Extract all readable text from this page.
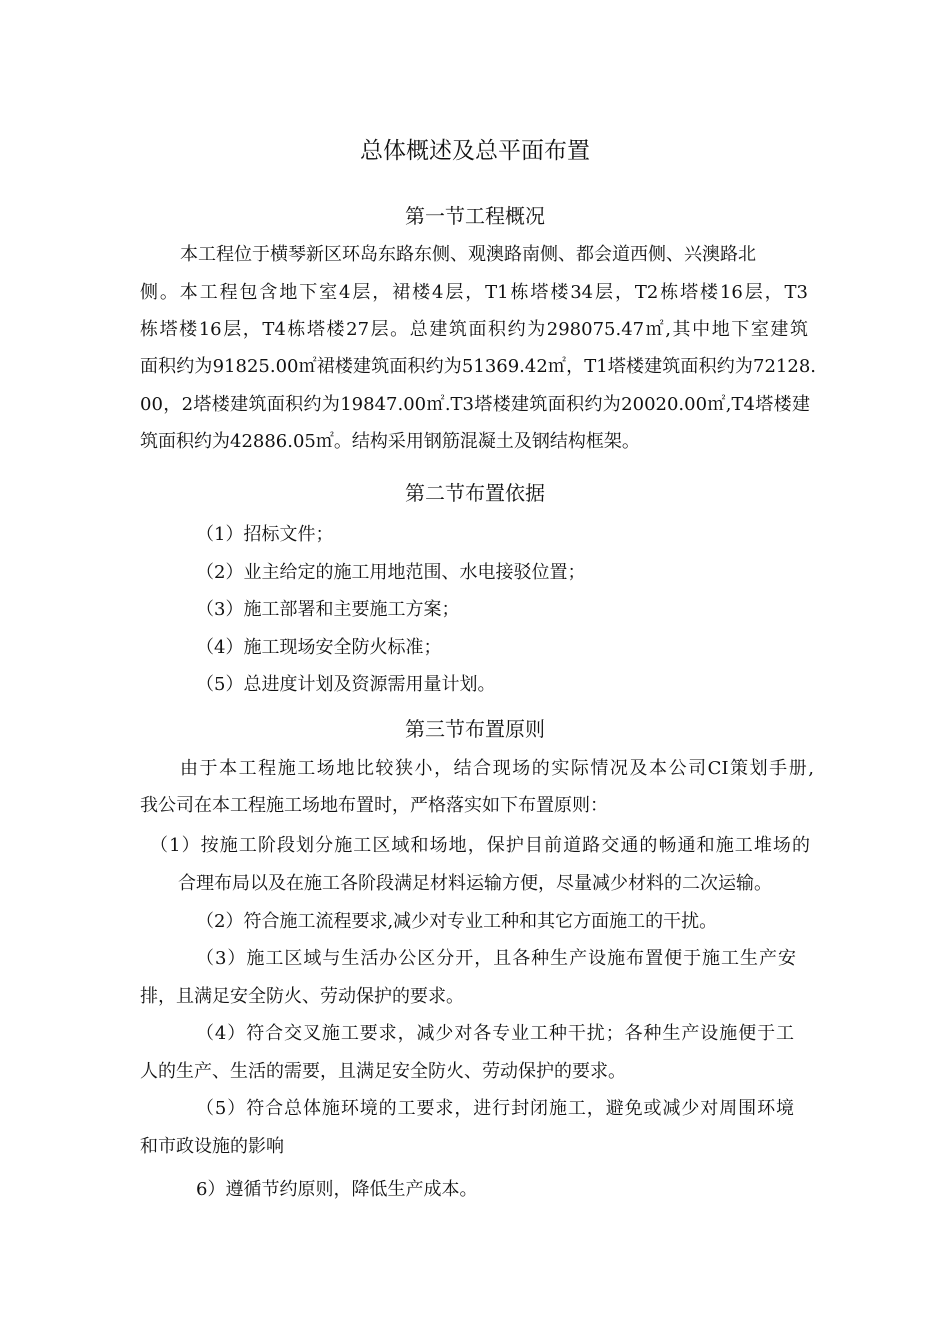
总体概述及总平面布置
第一节工程概况
本工程位于横琴新区环岛东路东侧、观澳路南侧、都会道西侧、兴澳路北
侧。本工程包含地下室4层，裙楼4层，T1栋塔楼34层，T2栋塔楼16层，T3
栋塔楼16层，T4栋塔楼27层。总建筑面积约为298075.47㎡,其中地下室建筑
面积约为91825.00㎡裙楼建筑面积约为51369.42㎡，T1塔楼建筑面积约为72128.
00，2塔楼建筑面积约为19847.00㎡.T3塔楼建筑面积约为20020.00㎡,T4塔楼建
筑面积约为42886.05㎡。结构采用钢筋混凝土及钢结构框架。
第二节布置依据
（1）招标文件；
（2）业主给定的施工用地范围、水电接驳位置；
（3）施工部署和主要施工方案；
（4）施工现场安全防火标准；
（5）总进度计划及资源需用量计划。
第三节布置原则
由于本工程施工场地比较狭小，结合现场的实际情况及本公司CI策划手册,
我公司在本工程施工场地布置时，严格落实如下布置原则：
（1）按施工阶段划分施工区域和场地，保护目前道路交通的畅通和施工堆场的
合理布局以及在施工各阶段满足材料运输方便，尽量减少材料的二次运输。
（2）符合施工流程要求,减少对专业工种和其它方面施工的干扰。
（3）施工区域与生活办公区分开，且各种生产设施布置便于施工生产安
排，且满足安全防火、劳动保护的要求。
（4）符合交叉施工要求，减少对各专业工种干扰；各种生产设施便于工
人的生产、生活的需要，且满足安全防火、劳动保护的要求。
（5）符合总体施环境的工要求，进行封闭施工，避免或减少对周围环境
和市政设施的影响
6）遵循节约原则，降低生产成本。
